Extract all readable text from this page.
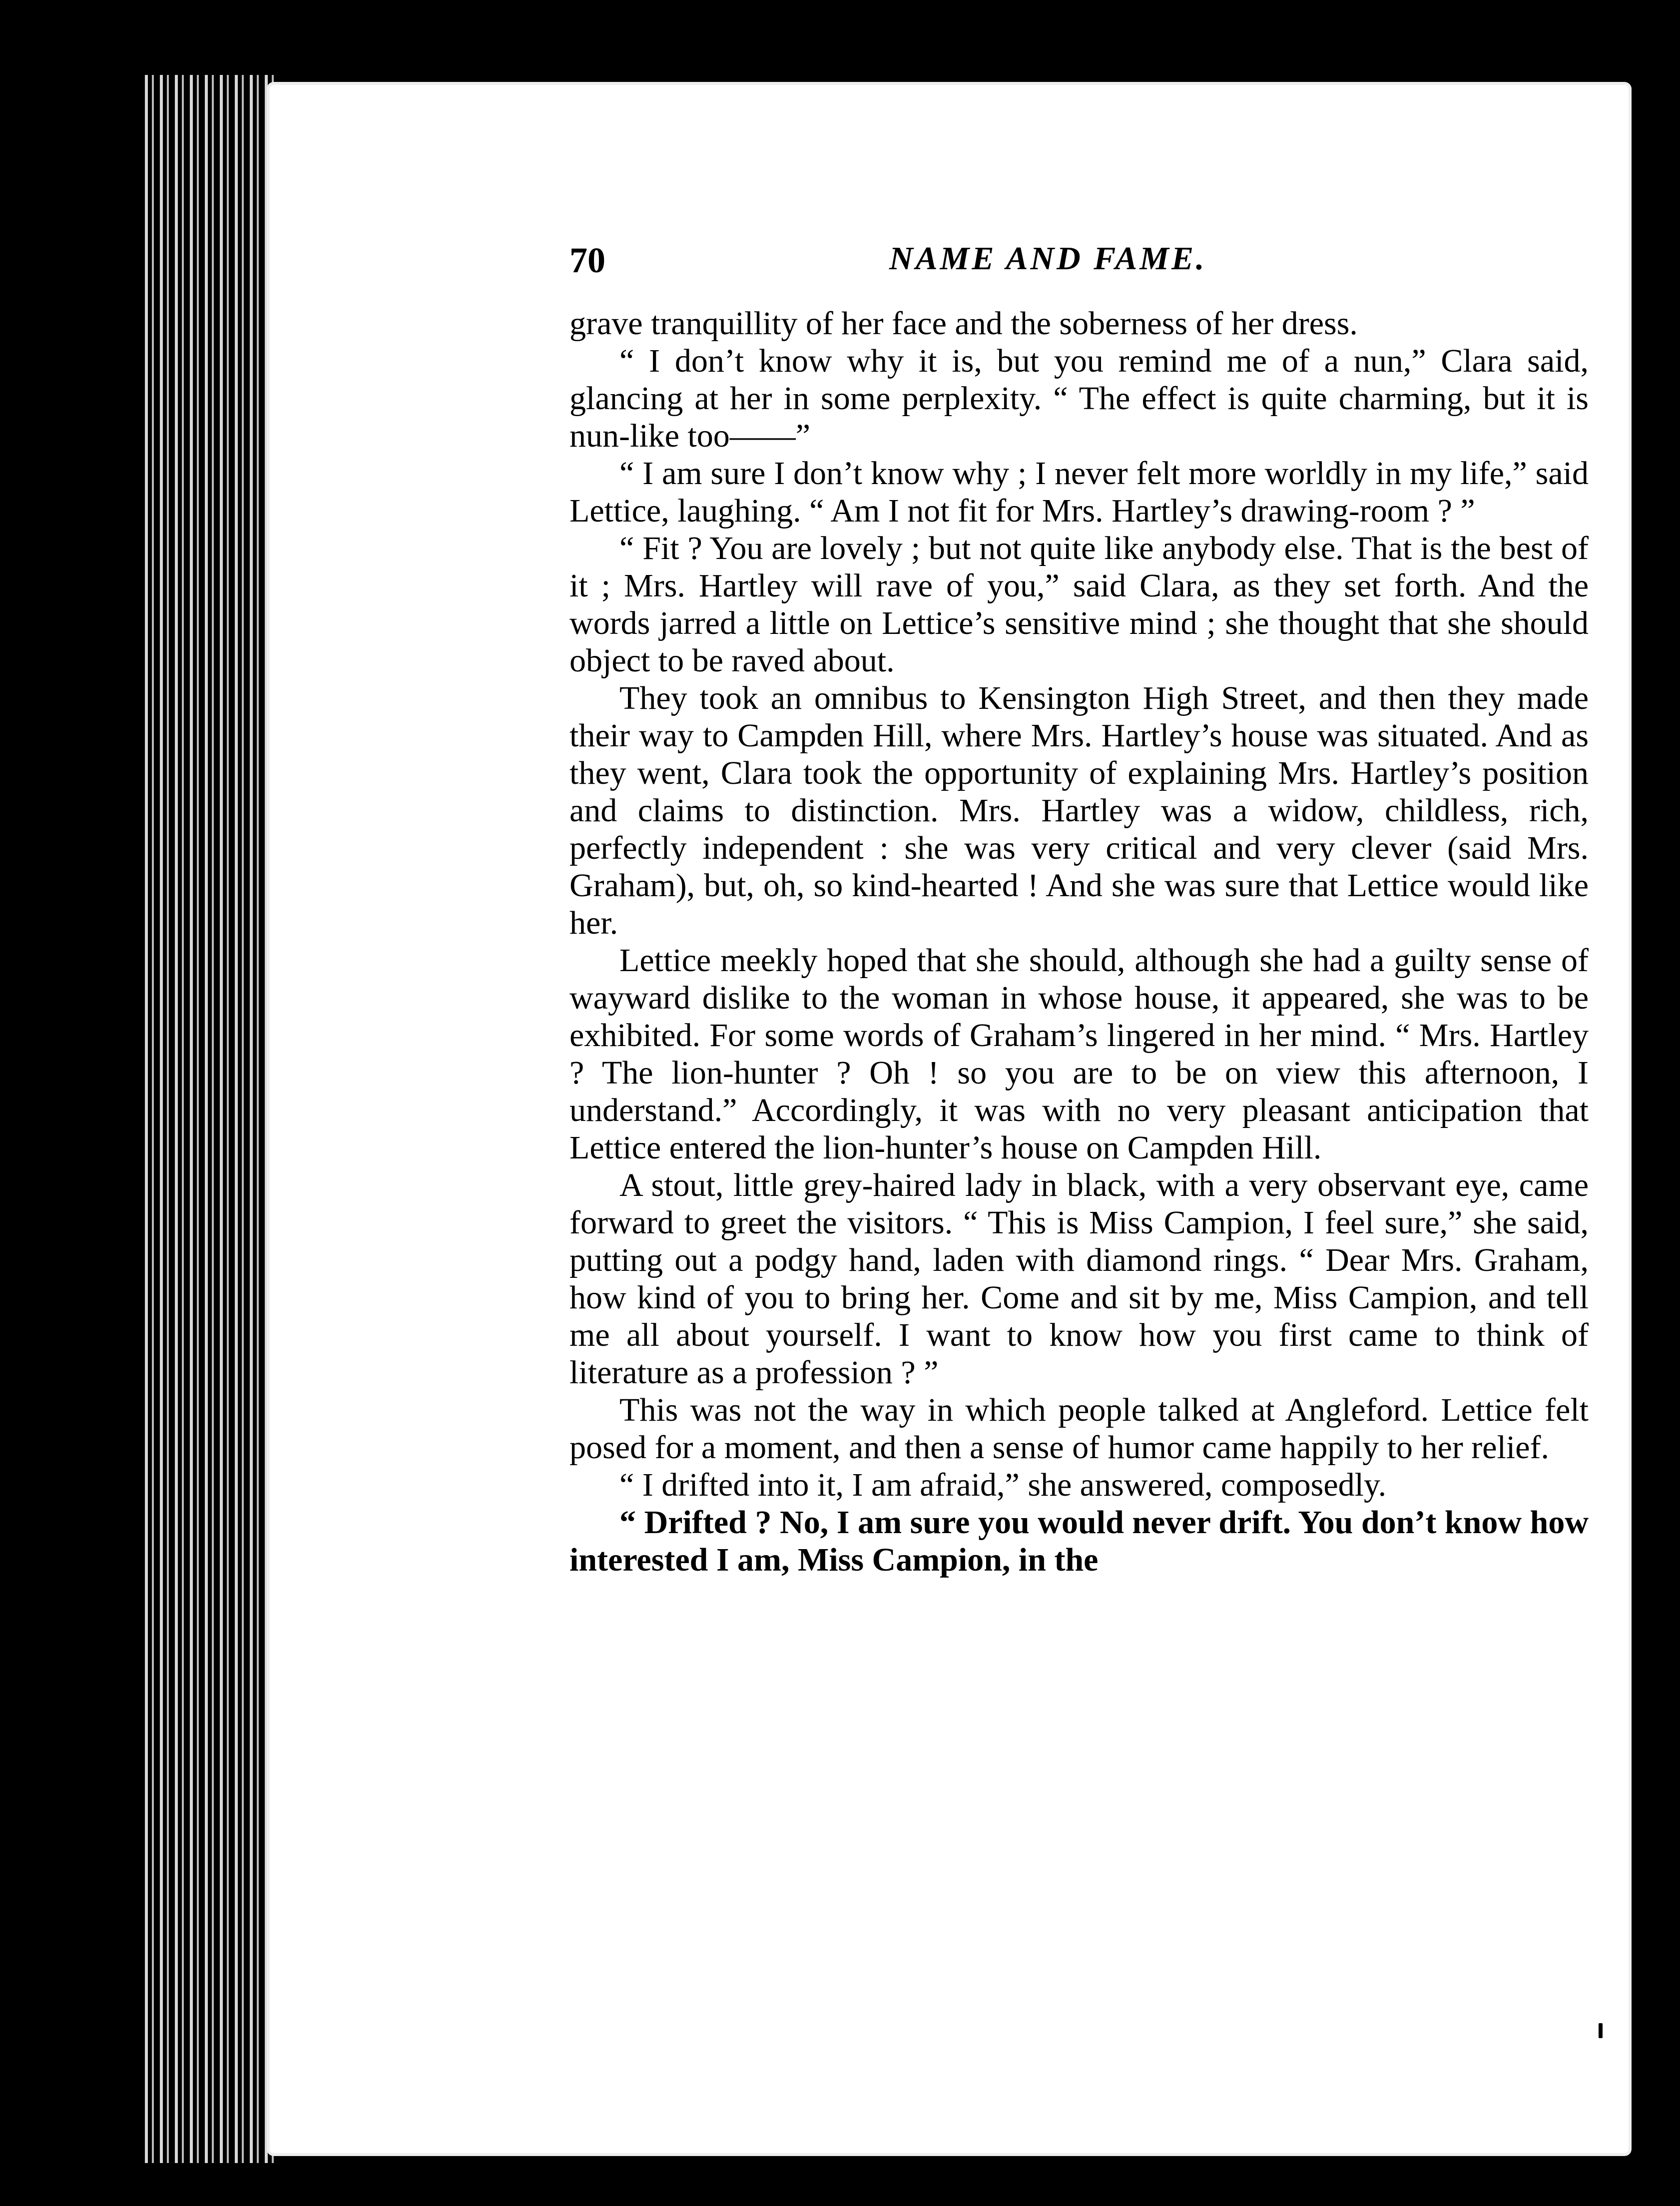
70	NAME AND FAME.

grave tranquillity of her face and the soberness of her dress.

“ I don’t know why it is, but you remind me of a nun,” Clara said, glancing at her in some perplexity. “ The effect is quite charming, but it is nun-like too——”

“ I am sure I don’t know why ; I never felt more worldly in my life,” said Lettice, laughing. “ Am I not fit for Mrs. Hartley’s drawing-room ? ”

“ Fit ? You are lovely ; but not quite like anybody else. That is the best of it ; Mrs. Hartley will rave of you,” said Clara, as they set forth. And the words jarred a little on Lettice’s sensitive mind ; she thought that she should object to be raved about.

They took an omnibus to Kensington High Street, and then they made their way to Campden Hill, where Mrs. Hartley’s house was situated. And as they went, Clara took the opportunity of explaining Mrs. Hartley’s position and claims to distinction. Mrs. Hartley was a widow, childless, rich, perfectly independent : she was very critical and very clever (said Mrs. Graham), but, oh, so kind-hearted ! And she was sure that Lettice would like her.

Lettice meekly hoped that she should, although she had a guilty sense of wayward dislike to the woman in whose house, it appeared, she was to be exhibited. For some words of Graham’s lingered in her mind. “ Mrs. Hartley ? The lion-hunter ? Oh ! so you are to be on view this afternoon, I understand.” Accordingly, it was with no very pleasant anticipation that Lettice entered the lion-hunter’s house on Campden Hill.

A stout, little grey-haired lady in black, with a very observant eye, came forward to greet the visitors. “ This is Miss Campion, I feel sure,” she said, putting out a podgy hand, laden with diamond rings. “ Dear Mrs. Graham, how kind of you to bring her. Come and sit by me, Miss Campion, and tell me all about yourself. I want to know how you first came to think of literature as a profession ? ”

This was not the way in which people talked at Angleford. Lettice felt posed for a moment, and then a sense of humor came happily to her relief.

“ I drifted into it, I am afraid,” she answered, composedly.

“ Drifted ? No, I am sure you would never drift. You don’t know how interested I am, Miss Campion, in the
